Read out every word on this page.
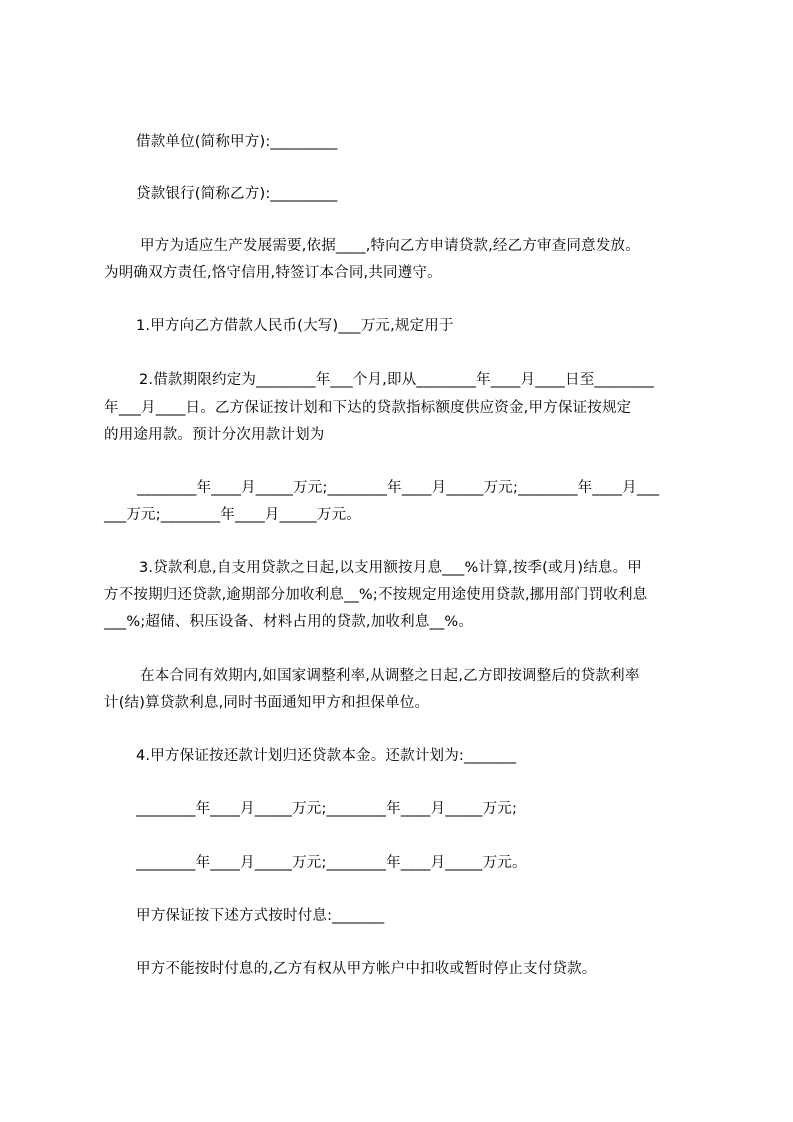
借款单位(简称甲方):_________
贷款银行(简称乙方):_________
甲方为适应生产发展需要,依据____,特向乙方申请贷款,经乙方审查同意发放。
为明确双方责任,恪守信用,特签订本合同,共同遵守。
1.甲方向乙方借款人民币(大写)___万元,规定用于
2.借款期限约定为________年___个月,即从________年____月____日至________
年___月____日。乙方保证按计划和下达的贷款指标额度供应资金,甲方保证按规定
的用途用款。预计分次用款计划为
________年____月_____万元;________年____月_____万元;________年____月___
___万元;________年____月_____万元。
3.贷款利息,自支用贷款之日起,以支用额按月息___%计算,按季(或月)结息。甲
方不按期归还贷款,逾期部分加收利息__%;不按规定用途使用贷款,挪用部门罚收利息
___%;超储、积压设备、材料占用的贷款,加收利息__%。
在本合同有效期内,如国家调整利率,从调整之日起,乙方即按调整后的贷款利率
计(结)算贷款利息,同时书面通知甲方和担保单位。
4.甲方保证按还款计划归还贷款本金。还款计划为:_______
________年____月_____万元;________年____月_____万元;
________年____月_____万元;________年____月_____万元。
甲方保证按下述方式按时付息:_______
甲方不能按时付息的,乙方有权从甲方帐户中扣收或暂时停止支付贷款。
